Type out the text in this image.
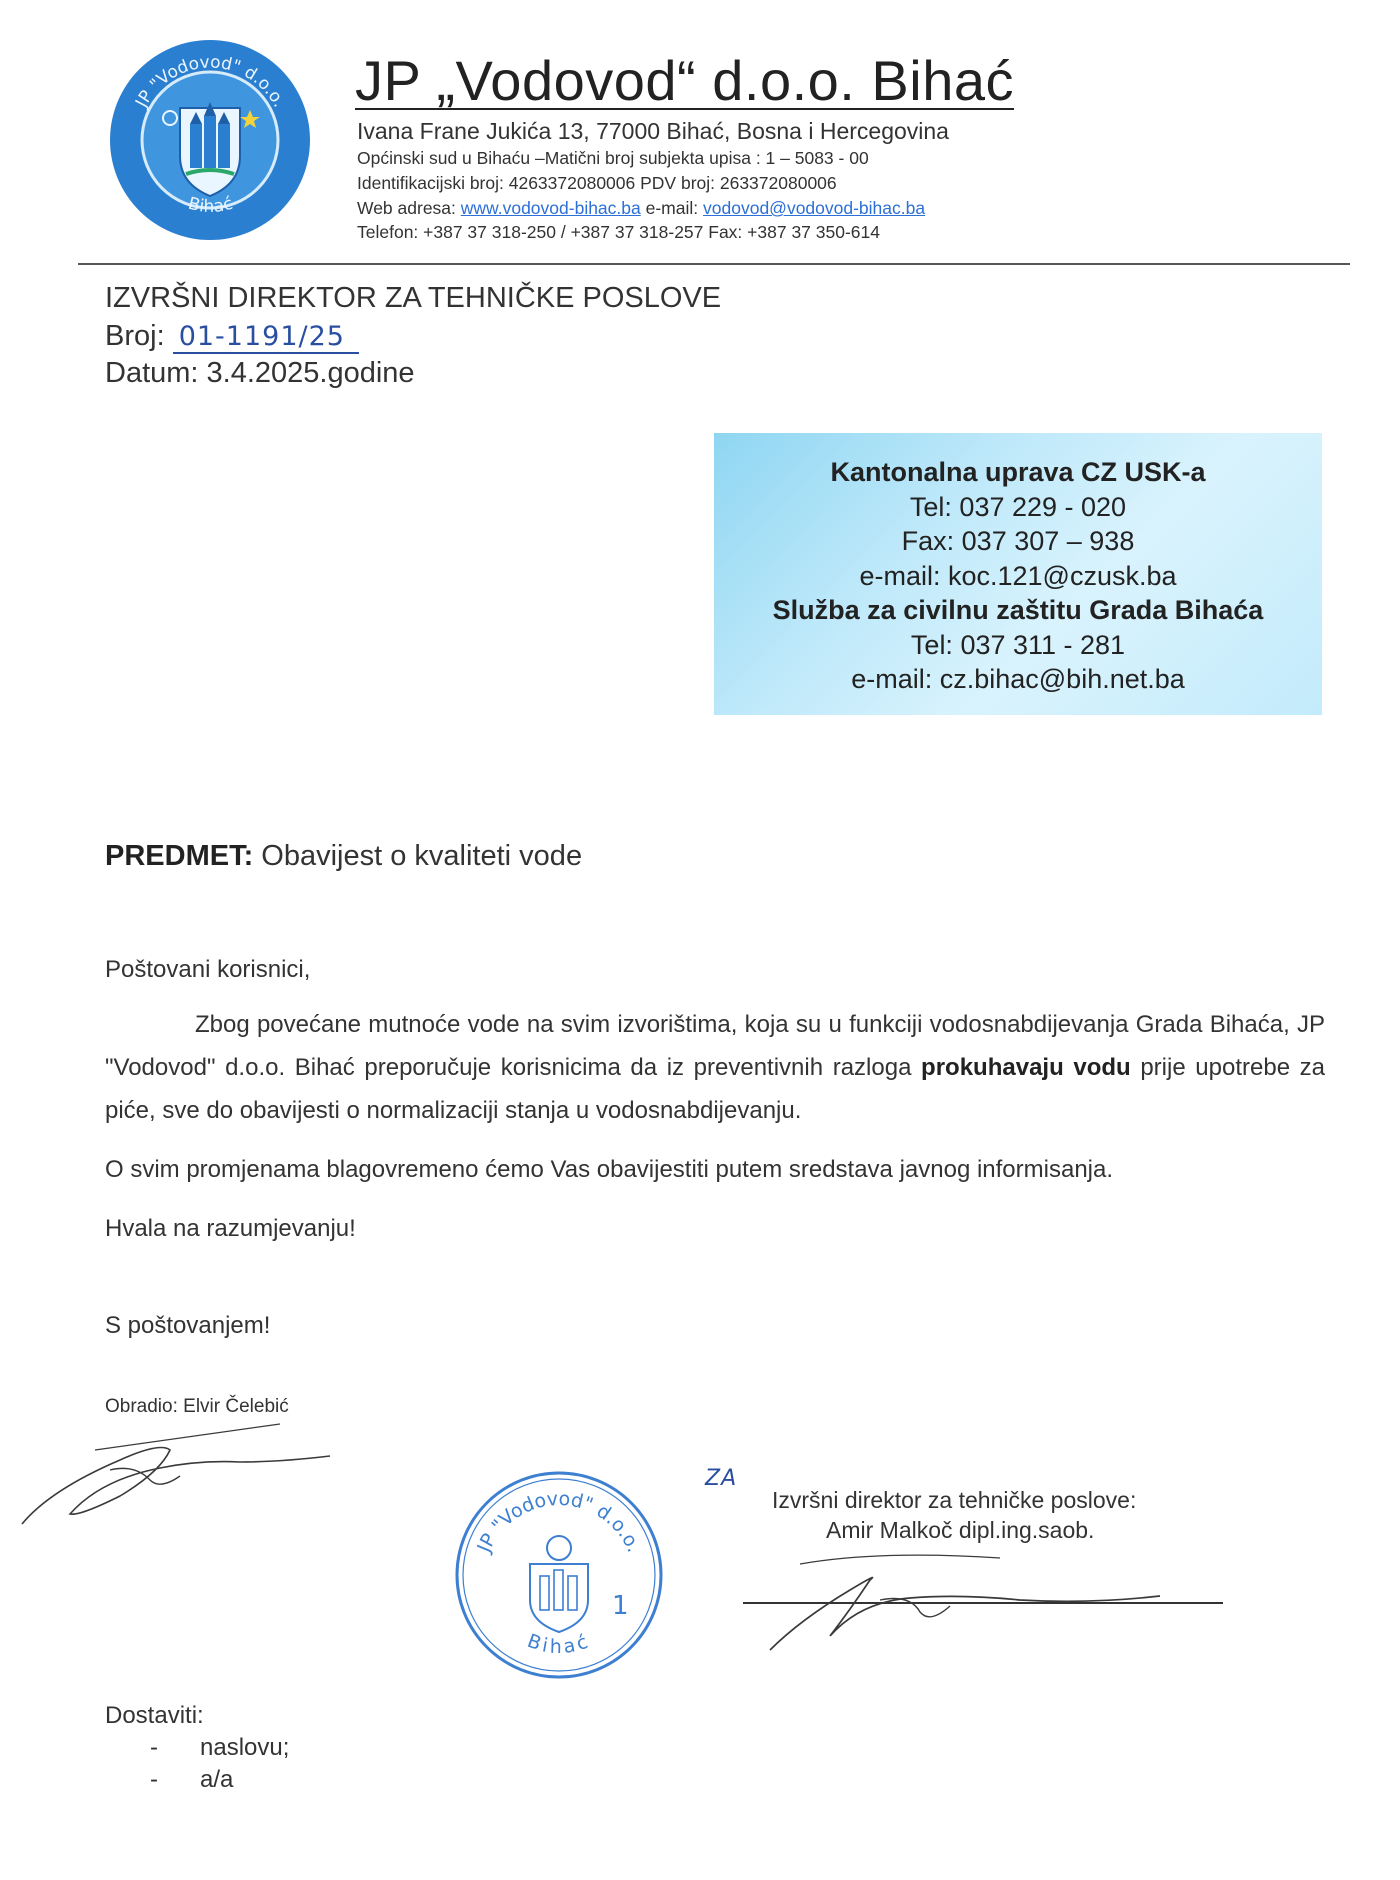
JP "Vodovod" d.o.o.
Bihać
JP „Vodovod“ d.o.o. Bihać
Ivana Frane Jukića 13, 77000 Bihać, Bosna i Hercegovina
Općinski sud u Bihaću –Matični broj subjekta upisa : 1 – 5083 - 00
Identifikacijski broj: 4263372080006 PDV broj: 263372080006
Web adresa: www.vodovod-bihac.ba e-mail: vodovod@vodovod-bihac.ba
Telefon: +387 37 318-250 / +387 37 318-257 Fax: +387 37 350-614
IZVRŠNI DIREKTOR ZA TEHNIČKE POSLOVE
Broj: 01-1191/25
Datum: 3.4.2025.godine
Kantonalna uprava CZ USK-a
Tel: 037 229 - 020
Fax: 037 307 – 938
e-mail: koc.121@czusk.ba
Služba za civilnu zaštitu Grada Bihaća
Tel: 037 311 - 281
e-mail: cz.bihac@bih.net.ba
PREDMET: Obavijest o kvaliteti vode
Poštovani korisnici,
Zbog povećane mutnoće vode na svim izvorištima, koja su u funkciji vodosnabdijevanja Grada Bihaća, JP "Vodovod" d.o.o. Bihać preporučuje korisnicima da iz preventivnih razloga prokuhavaju vodu prije upotrebe za piće, sve do obavijesti o normalizaciji stanja u vodosnabdijevanju.
O svim promjenama blagovremeno ćemo Vas obavijestiti putem sredstava javnog informisanja.
Hvala na razumjevanju!
S poštovanjem!
Obradio: Elvir Čelebić
JP "Vodovod" d.o.o.
Bihać
1
ZA
Izvršni direktor za tehničke poslove:
Amir Malkoč dipl.ing.saob.
Dostaviti:
- naslovu;
- a/a
